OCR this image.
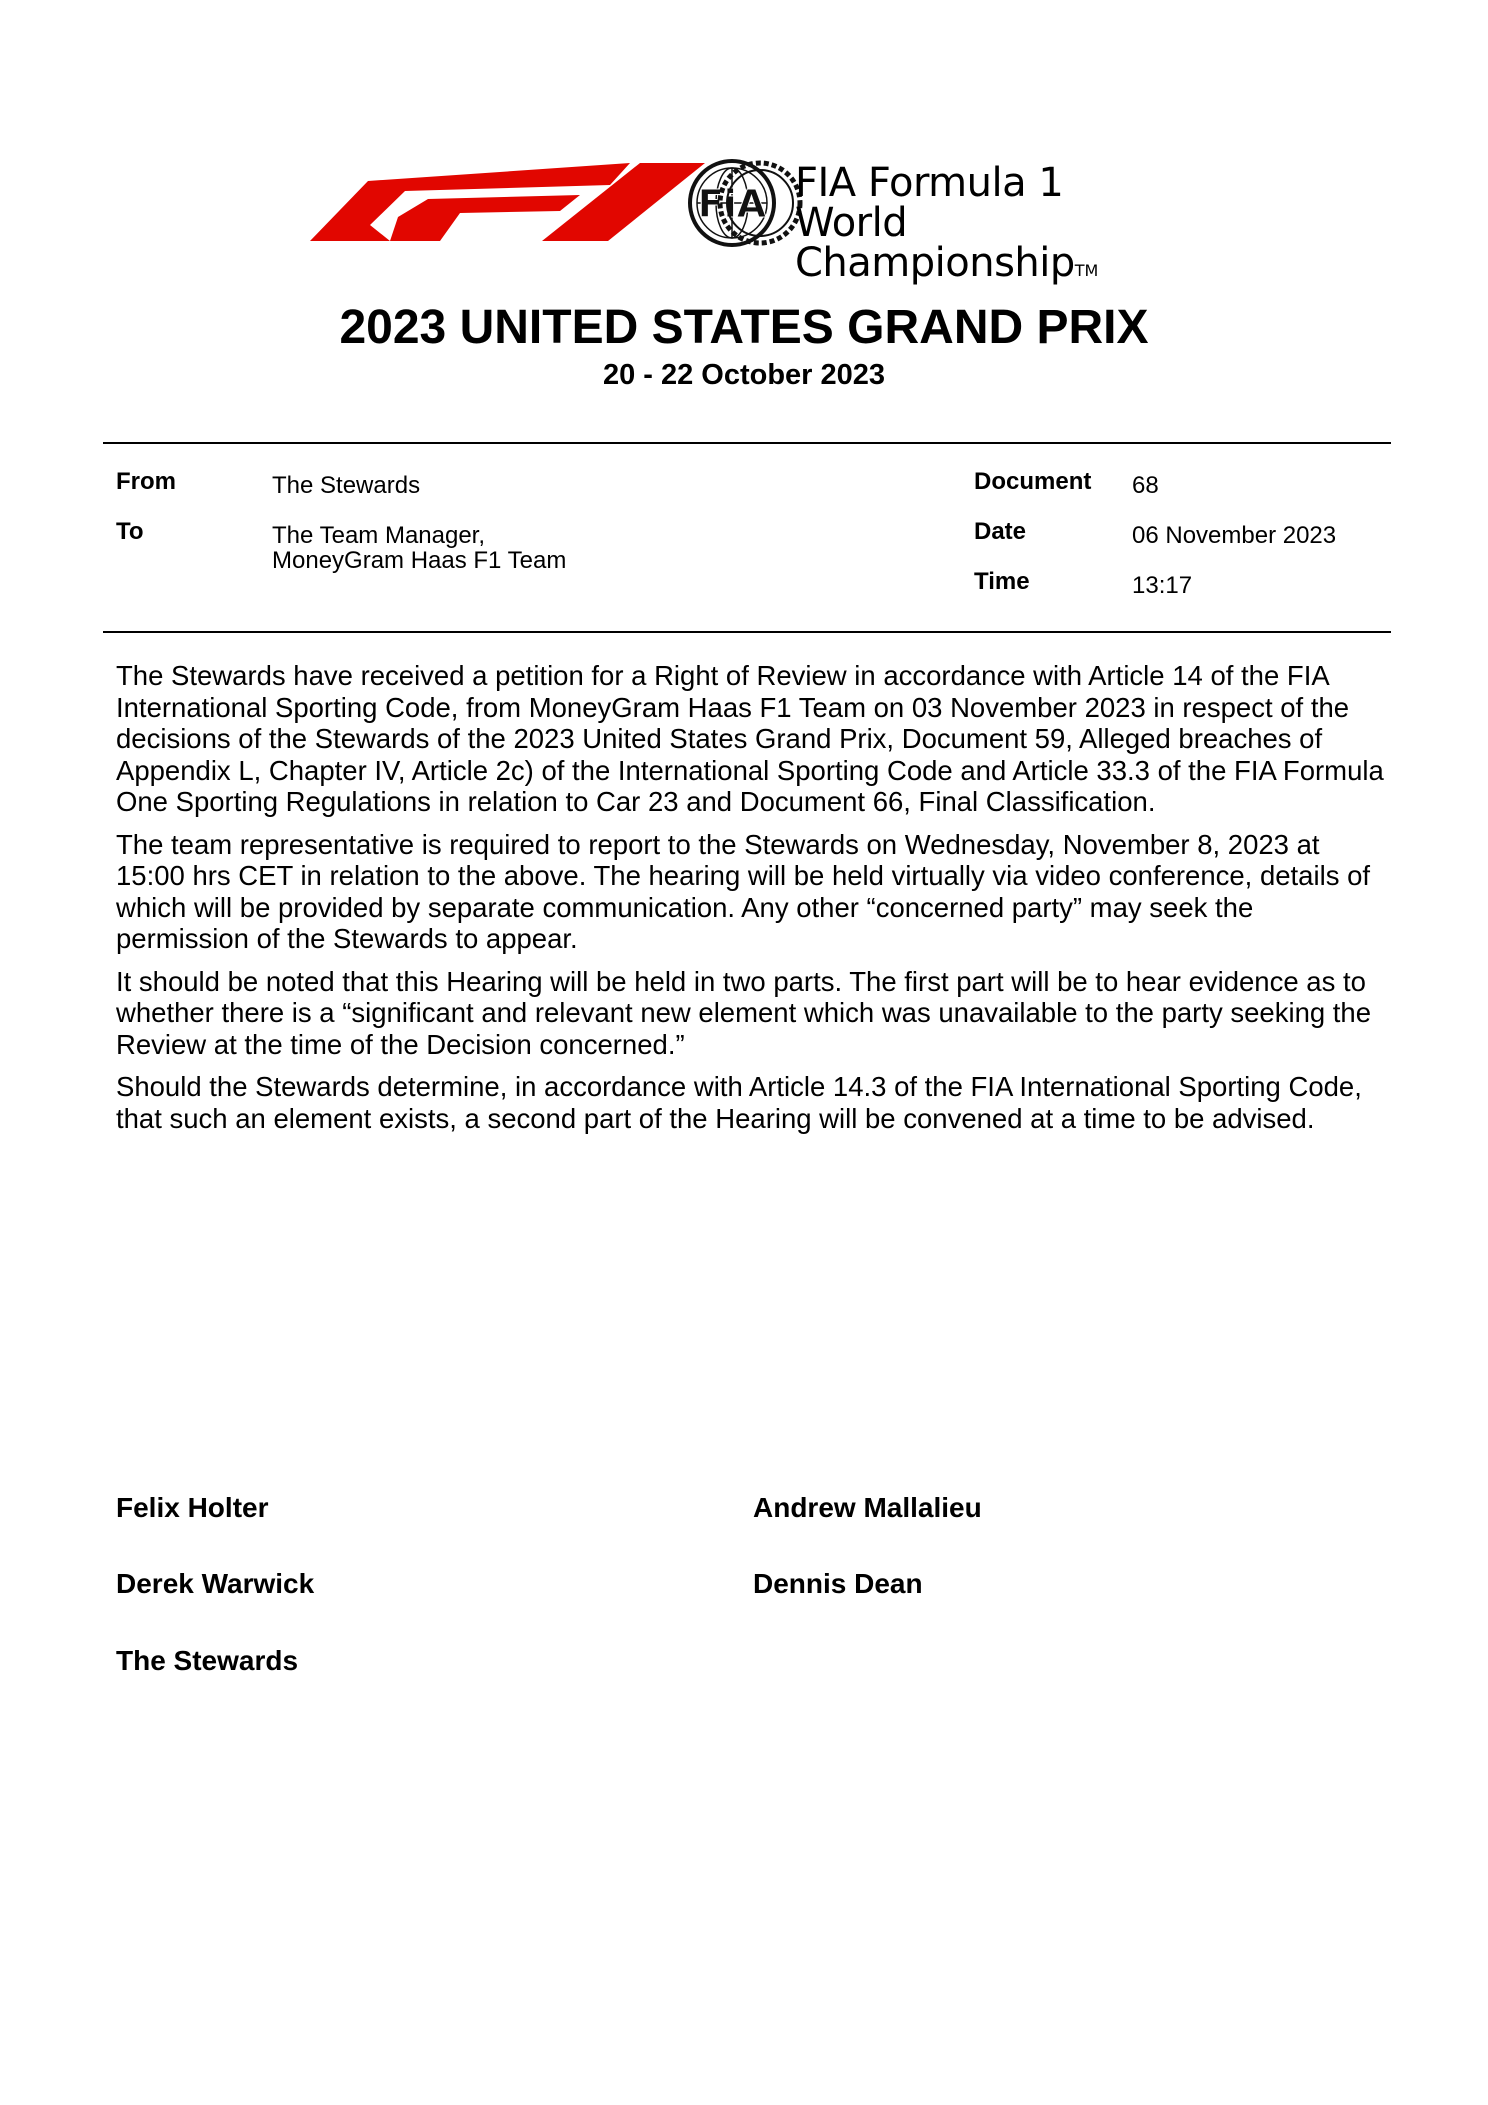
FiA FIA Formula 1
World ChampionshipTM
2023 UNITED STATES GRAND PRIX
20 - 22 October 2023
From	The Stewards
To	The Team Manager,
MoneyGram Haas F1 Team
Document 68
Date	06 November 2023
Time	13:17

The Stewards have received a petition for a Right of Review in accordance with Article 14 of the FIA International Sporting Code, from MoneyGram Haas F1 Team on 03 November 2023 in respect of the decisions of the Stewards of the 2023 United States Grand Prix, Document 59, Alleged breaches of Appendix L, Chapter IV, Article 2c) of the International Sporting Code and Article 33.3 of the FIA Formula One Sporting Regulations in relation to Car 23 and Document 66, Final Classification.

The team representative is required to report to the Stewards on Wednesday, November 8, 2023 at 15:00 hrs CET in relation to the above. The hearing will be held virtually via video conference, details of which will be provided by separate communication. Any other “concerned party” may seek the permission of the Stewards to appear.

It should be noted that this Hearing will be held in two parts. The first part will be to hear evidence as to whether there is a “significant and relevant new element which was unavailable to the party seeking the Review at the time of the Decision concerned.”

Should the Stewards determine, in accordance with Article 14.3 of the FIA International Sporting Code, that such an element exists, a second part of the Hearing will be convened at a time to be advised.

Felix Holter	Andrew Mallalieu
Derek Warwick	Dennis Dean
The Stewards
